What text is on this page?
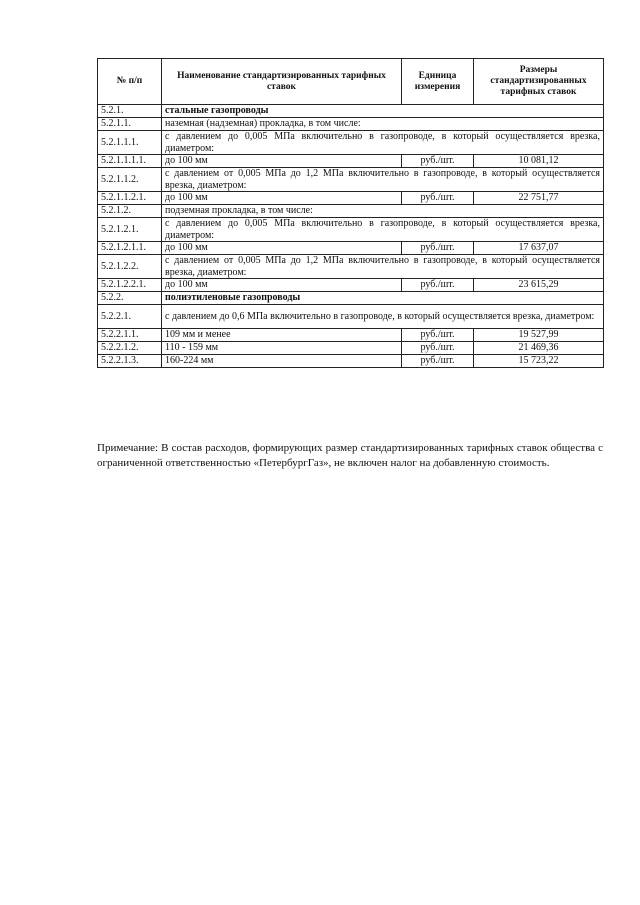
№ п/п	Наименование стандартизированных тарифных ставок	Единица измерения	Размеры стандартизированных тарифных ставок
5.2.1.	стальные газопроводы		
5.2.1.1.	наземная (надземная) прокладка, в том числе:		
5.2.1.1.1.	с давлением до 0,005 МПа включительно в газопроводе, в который осуществляется врезка, диаметром:		
5.2.1.1.1.1.	до 100 мм	руб./шт.	10 081,12
5.2.1.1.2.	с давлением от 0,005 МПа до 1,2 МПа включительно в газопроводе, в который осуществляется врезка, диаметром:		
5.2.1.1.2.1.	до 100 мм	руб./шт.	22 751,77
5.2.1.2.	подземная прокладка, в том числе:		
5.2.1.2.1.	с давлением до 0,005 МПа включительно в газопроводе, в который осуществляется врезка, диаметром:		
5.2.1.2.1.1.	до 100 мм	руб./шт.	17 637,07
5.2.1.2.2.	с давлением от 0,005 МПа до 1,2 МПа включительно в газопроводе, в который осуществляется врезка, диаметром:		
5.2.1.2.2.1.	до 100 мм	руб./шт.	23 615,29
5.2.2.	полиэтиленовые газопроводы		
5.2.2.1.	с давлением до 0,6 МПа включительно в газопроводе, в который осуществляется врезка, диаметром:		
5.2.2.1.1.	109 мм и менее	руб./шт.	19 527,99
5.2.2.1.2.	110 - 159 мм	руб./шт.	21 469,36
5.2.2.1.3.	160-224 мм	руб./шт.	15 723,22

Примечание: В состав расходов, формирующих размер стандартизированных тарифных ставок общества с ограниченной ответственностью «ПетербургГаз», не включен налог на добавленную стоимость.
